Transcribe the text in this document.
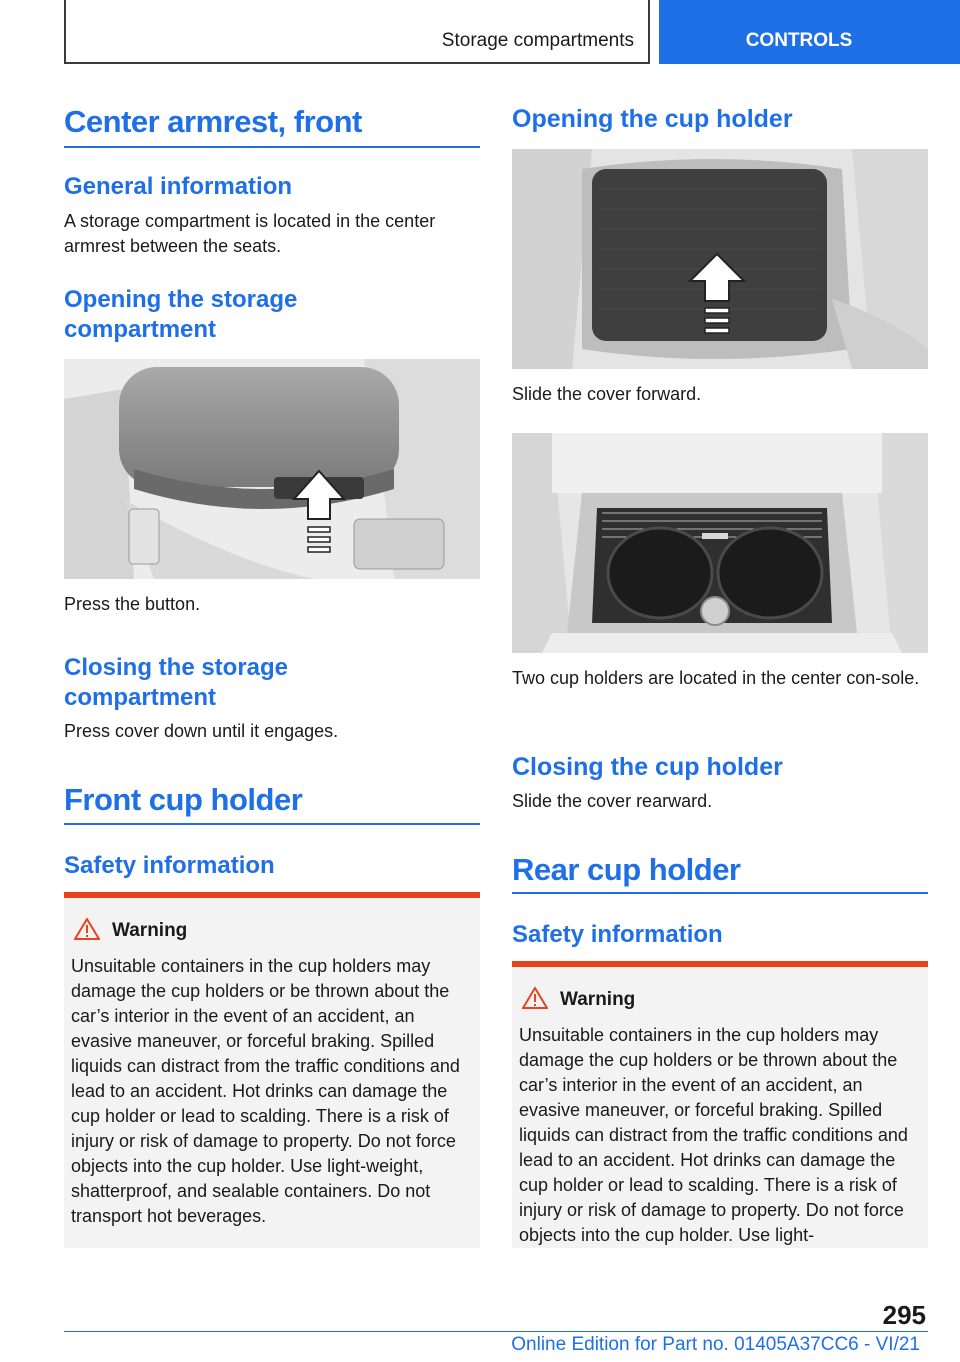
Storage compartments	CONTROLS
Center armrest, front
General information
A storage compartment is located in the center armrest between the seats.
Opening the storage compartment
Press the button.
Closing the storage compartment
Press cover down until it engages.
Front cup holder
Safety information
Warning
Unsuitable containers in the cup holders may damage the cup holders or be thrown about the car’s interior in the event of an accident, an evasive maneuver, or forceful braking. Spilled liquids can distract from the traffic conditions and lead to an accident. Hot drinks can damage the cup holder or lead to scalding. There is a risk of injury or risk of damage to property. Do not force objects into the cup holder. Use light-weight, shatterproof, and sealable containers. Do not transport hot beverages.
Opening the cup holder
Slide the cover forward.
Two cup holders are located in the center con-sole.
Closing the cup holder
Slide the cover rearward.
Rear cup holder
Safety information
Warning
Unsuitable containers in the cup holders may damage the cup holders or be thrown about the car’s interior in the event of an accident, an evasive maneuver, or forceful braking. Spilled liquids can distract from the traffic conditions and lead to an accident. Hot drinks can damage the cup holder or lead to scalding. There is a risk of injury or risk of damage to property. Do not force objects into the cup holder. Use light-
295
Online Edition for Part no. 01405A37CC6 - VI/21
